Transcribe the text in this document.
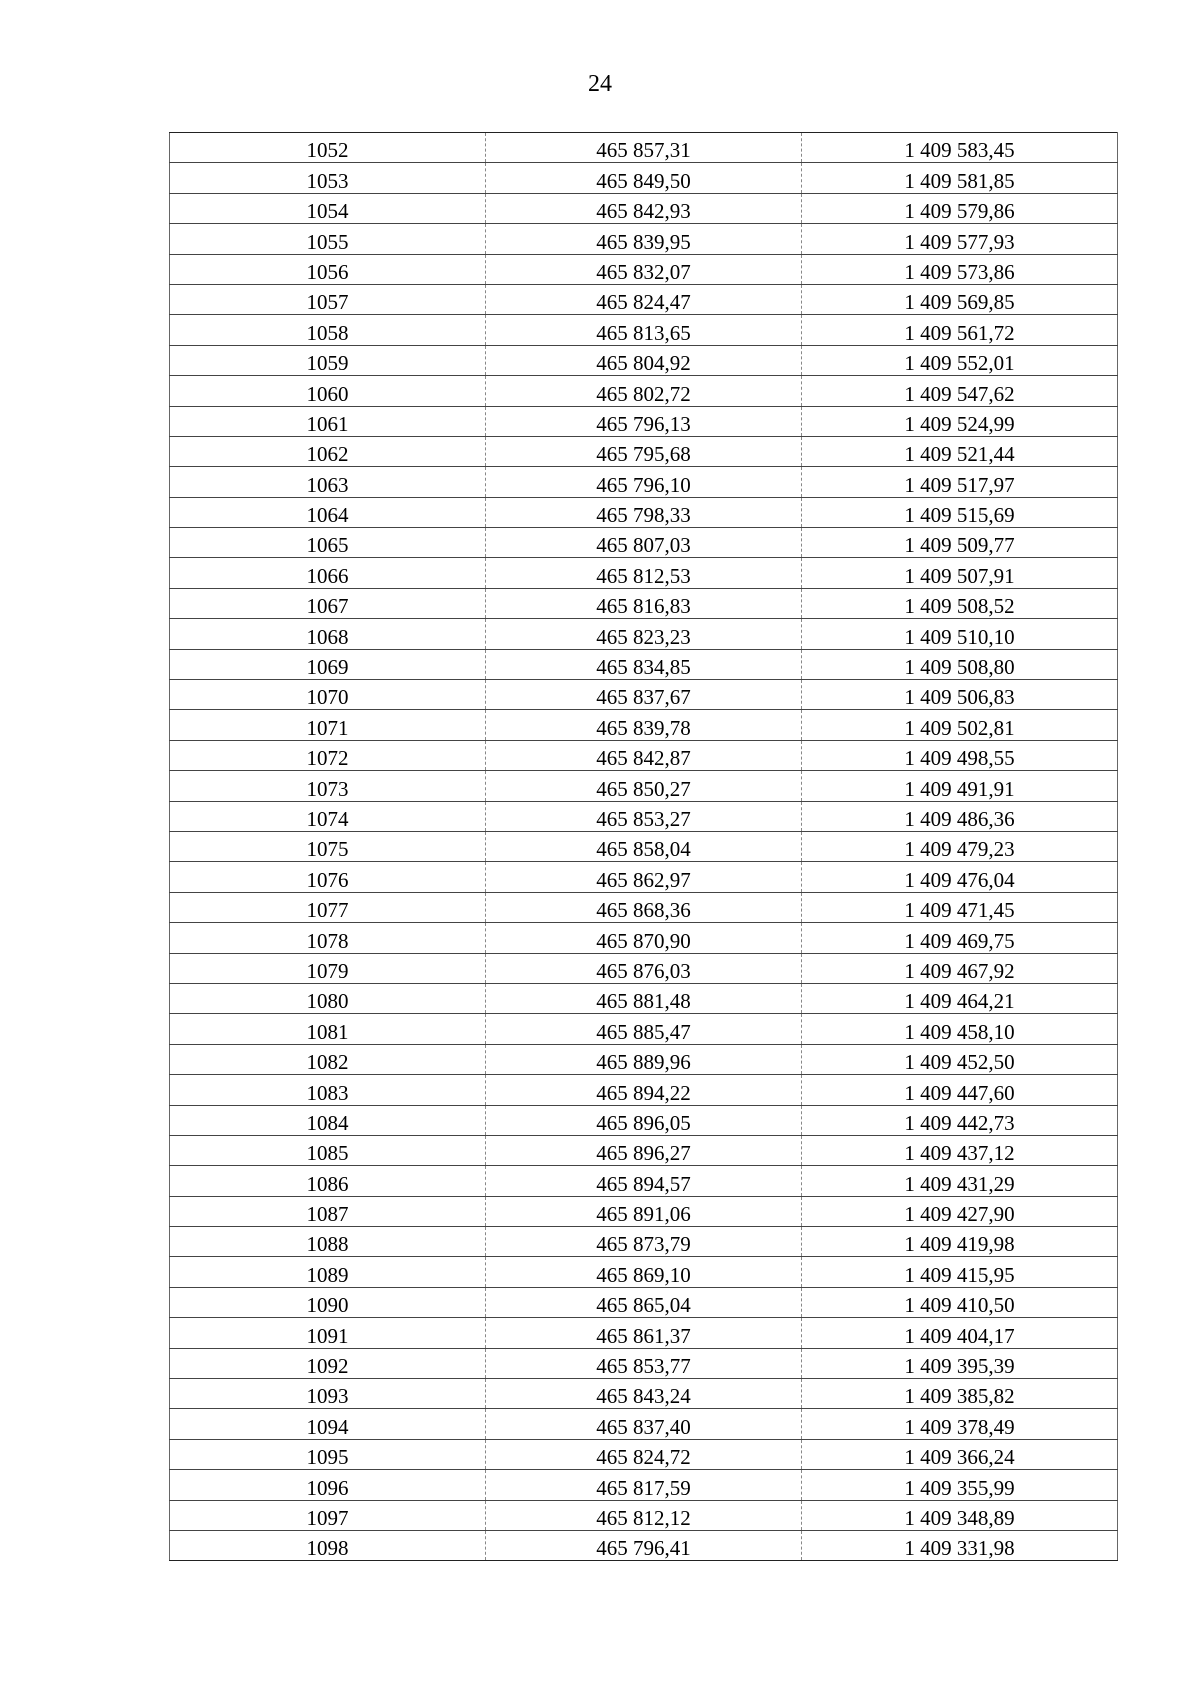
24
1052	465 857,31	1 409 583,45
1053	465 849,50	1 409 581,85
1054	465 842,93	1 409 579,86
1055	465 839,95	1 409 577,93
1056	465 832,07	1 409 573,86
1057	465 824,47	1 409 569,85
1058	465 813,65	1 409 561,72
1059	465 804,92	1 409 552,01
1060	465 802,72	1 409 547,62
1061	465 796,13	1 409 524,99
1062	465 795,68	1 409 521,44
1063	465 796,10	1 409 517,97
1064	465 798,33	1 409 515,69
1065	465 807,03	1 409 509,77
1066	465 812,53	1 409 507,91
1067	465 816,83	1 409 508,52
1068	465 823,23	1 409 510,10
1069	465 834,85	1 409 508,80
1070	465 837,67	1 409 506,83
1071	465 839,78	1 409 502,81
1072	465 842,87	1 409 498,55
1073	465 850,27	1 409 491,91
1074	465 853,27	1 409 486,36
1075	465 858,04	1 409 479,23
1076	465 862,97	1 409 476,04
1077	465 868,36	1 409 471,45
1078	465 870,90	1 409 469,75
1079	465 876,03	1 409 467,92
1080	465 881,48	1 409 464,21
1081	465 885,47	1 409 458,10
1082	465 889,96	1 409 452,50
1083	465 894,22	1 409 447,60
1084	465 896,05	1 409 442,73
1085	465 896,27	1 409 437,12
1086	465 894,57	1 409 431,29
1087	465 891,06	1 409 427,90
1088	465 873,79	1 409 419,98
1089	465 869,10	1 409 415,95
1090	465 865,04	1 409 410,50
1091	465 861,37	1 409 404,17
1092	465 853,77	1 409 395,39
1093	465 843,24	1 409 385,82
1094	465 837,40	1 409 378,49
1095	465 824,72	1 409 366,24
1096	465 817,59	1 409 355,99
1097	465 812,12	1 409 348,89
1098	465 796,41	1 409 331,98
